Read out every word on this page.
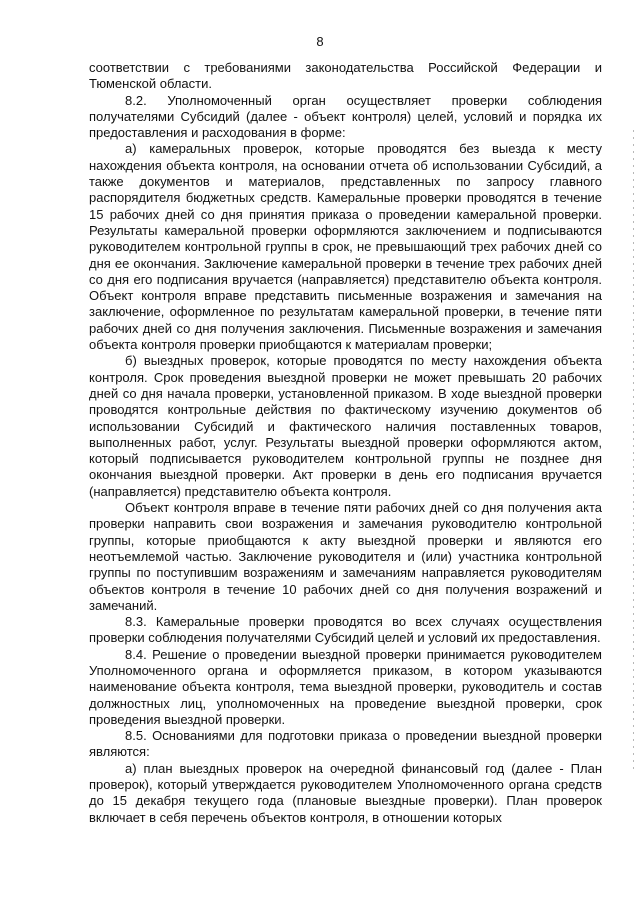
8

соответствии с требованиями законодательства Российской Федерации и Тюменской области.

8.2. Уполномоченный орган осуществляет проверки соблюдения получателями Субсидий (далее - объект контроля) целей, условий и порядка их предоставления и расходования в форме:

а) камеральных проверок, которые проводятся без выезда к месту нахождения объекта контроля, на основании отчета об использовании Субсидий, а также документов и материалов, представленных по запросу главного распорядителя бюджетных средств. Камеральные проверки проводятся в течение 15 рабочих дней со дня принятия приказа о проведении камеральной проверки. Результаты камеральной проверки оформляются заключением и подписываются руководителем контрольной группы в срок, не превышающий трех рабочих дней со дня ее окончания. Заключение камеральной проверки в течение трех рабочих дней со дня его подписания вручается (направляется) представителю объекта контроля. Объект контроля вправе представить письменные возражения и замечания на заключение, оформленное по результатам камеральной проверки, в течение пяти рабочих дней со дня получения заключения. Письменные возражения и замечания объекта контроля проверки приобщаются к материалам проверки;

б) выездных проверок, которые проводятся по месту нахождения объекта контроля. Срок проведения выездной проверки не может превышать 20 рабочих дней со дня начала проверки, установленной приказом. В ходе выездной проверки проводятся контрольные действия по фактическому изучению документов об использовании Субсидий и фактического наличия поставленных товаров, выполненных работ, услуг. Результаты выездной проверки оформляются актом, который подписывается руководителем контрольной группы не позднее дня окончания выездной проверки. Акт проверки в день его подписания вручается (направляется) представителю объекта контроля.

Объект контроля вправе в течение пяти рабочих дней со дня получения акта проверки направить свои возражения и замечания руководителю контрольной группы, которые приобщаются к акту выездной проверки и являются его неотъемлемой частью. Заключение руководителя и (или) участника контрольной группы по поступившим возражениям и замечаниям направляется руководителям объектов контроля в течение 10 рабочих дней со дня получения возражений и замечаний.

8.3. Камеральные проверки проводятся во всех случаях осуществления проверки соблюдения получателями Субсидий целей и условий их предоставления.

8.4. Решение о проведении выездной проверки принимается руководителем Уполномоченного органа и оформляется приказом, в котором указываются наименование объекта контроля, тема выездной проверки, руководитель и состав должностных лиц, уполномоченных на проведение выездной проверки, срок проведения выездной проверки.

8.5. Основаниями для подготовки приказа о проведении выездной проверки являются:

а) план выездных проверок на очередной финансовый год (далее - План проверок), который утверждается руководителем Уполномоченного органа средств до 15 декабря текущего года (плановые выездные проверки). План проверок включает в себя перечень объектов контроля, в отношении которых
